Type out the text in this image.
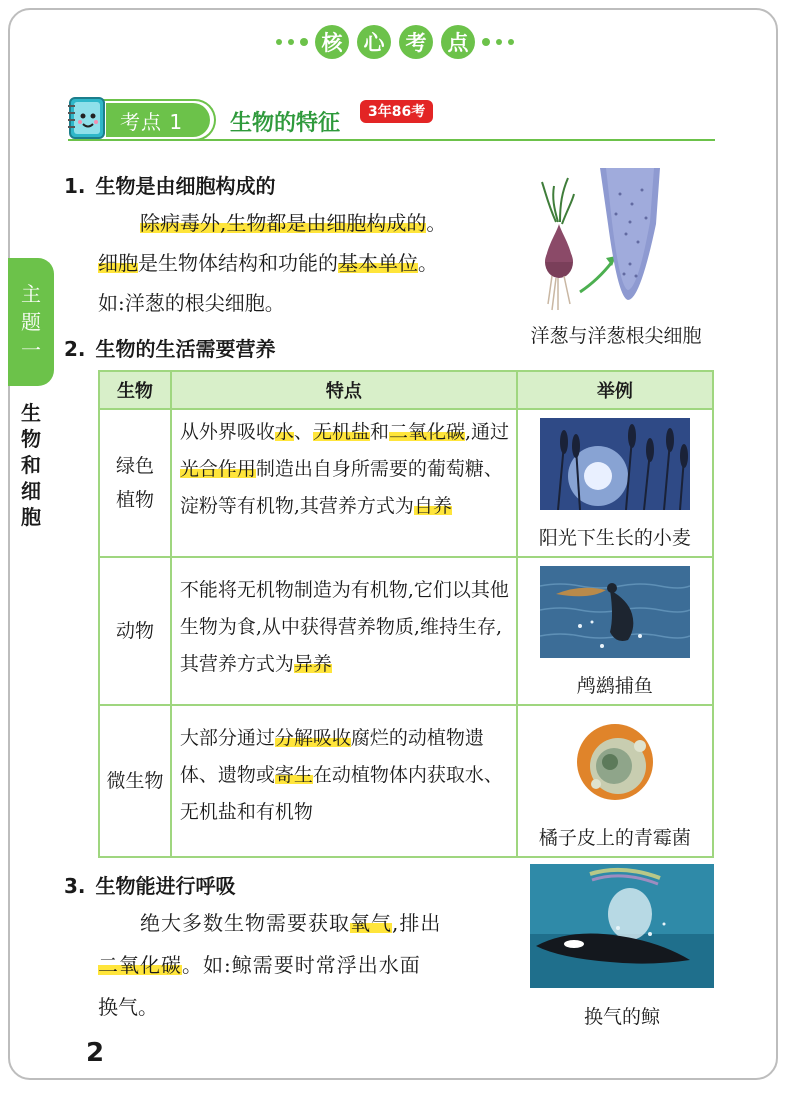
核	心	考	点
考点 1	生物的特征	3年86考
主
题
一
生
物
和
细
胞
1. 生物是由细胞构成的
除病毒外,生物都是由细胞构成的。
细胞是生物体结构和功能的基本单位。
如:洋葱的根尖细胞。
洋葱与洋葱根尖细胞
2. 生物的生活需要营养
生物	特点	举例

绿色
植物	从外界吸收水、无机盐和二氧化碳,通过光合作用制造出自身所需要的葡萄糖、淀粉等有机物,其营养方式为自养	阳光下生长的小麦

动物	不能将无机物制造为有机物,它们以其他生物为食,从中获得营养物质,维持生存,其营养方式为异养	鸬鹚捕鱼

微生物	大部分通过分解吸收腐烂的动植物遗体、遗物或寄生在动植物体内获取水、无机盐和有机物	橘子皮上的青霉菌
3. 生物能进行呼吸
绝大多数生物需要获取氧气,排出
二氧化碳。如:鲸需要时常浮出水面
换气。	换气的鲸
2
